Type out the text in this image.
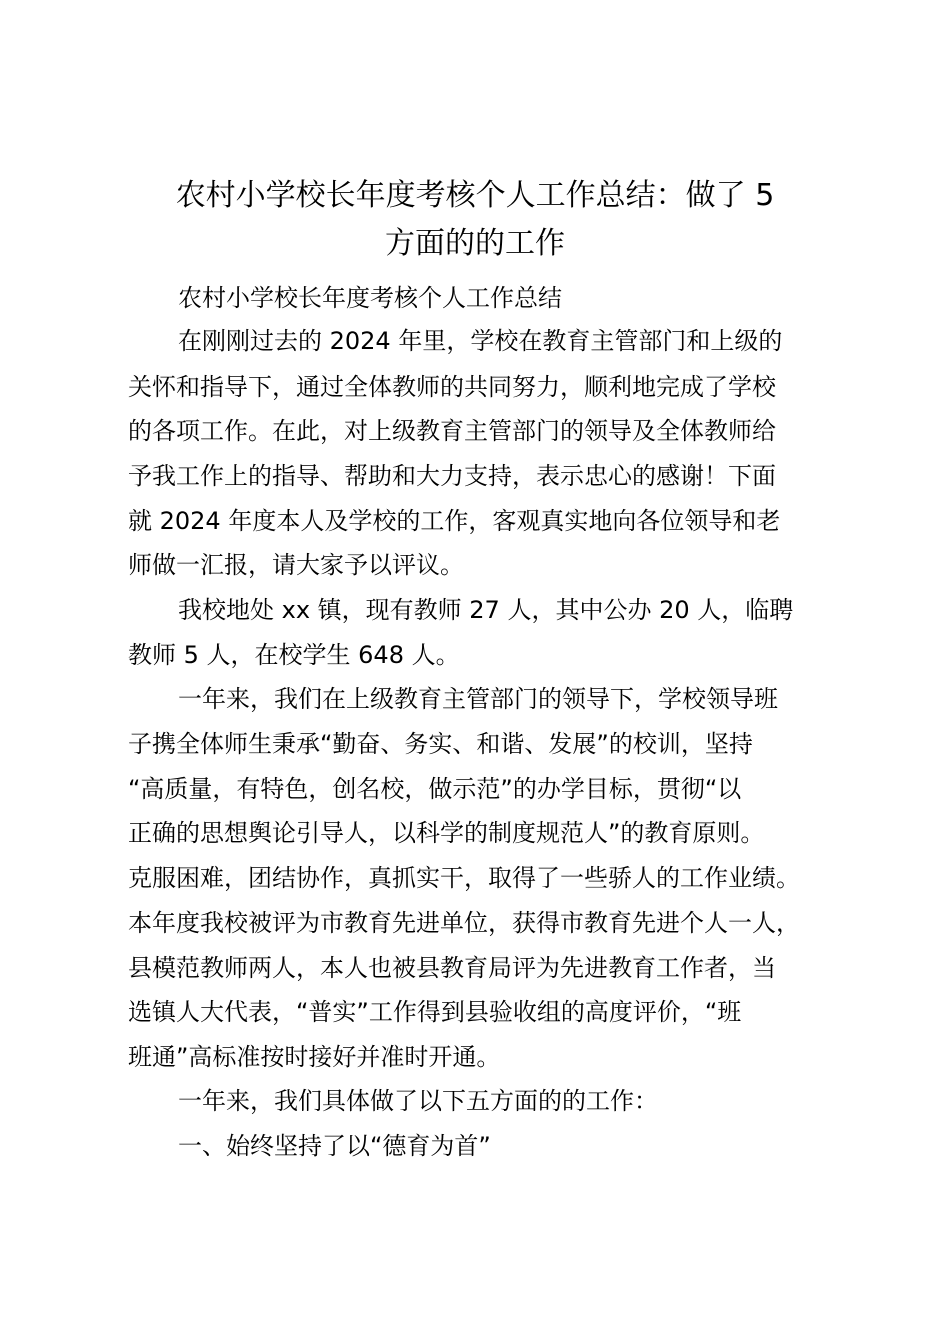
农村小学校长年度考核个人工作总结：做了 5
方面的的工作

农村小学校长年度考核个人工作总结

在刚刚过去的 2024 年里，学校在教育主管部门和上级的

关怀和指导下，通过全体教师的共同努力，顺利地完成了学校

的各项工作。在此，对上级教育主管部门的领导及全体教师给

予我工作上的指导、帮助和大力支持，表示忠心的感谢！下面

就 2024 年度本人及学校的工作，客观真实地向各位领导和老

师做一汇报，请大家予以评议。

我校地处 xx 镇，现有教师 27 人，其中公办 20 人，临聘

教师 5 人，在校学生 648 人。

一年来，我们在上级教育主管部门的领导下，学校领导班

子携全体师生秉承“勤奋、务实、和谐、发展”的校训，坚持

“高质量，有特色，创名校，做示范”的办学目标，贯彻“以

正确的思想舆论引导人，以科学的制度规范人”的教育原则。

克服困难，团结协作，真抓实干，取得了一些骄人的工作业绩。

本年度我校被评为市教育先进单位，获得市教育先进个人一人，

县模范教师两人，本人也被县教育局评为先进教育工作者，当

选镇人大代表，“普实”工作得到县验收组的高度评价，“班

班通”高标准按时接好并准时开通。

一年来，我们具体做了以下五方面的的工作：

一、始终坚持了以“德育为首”
